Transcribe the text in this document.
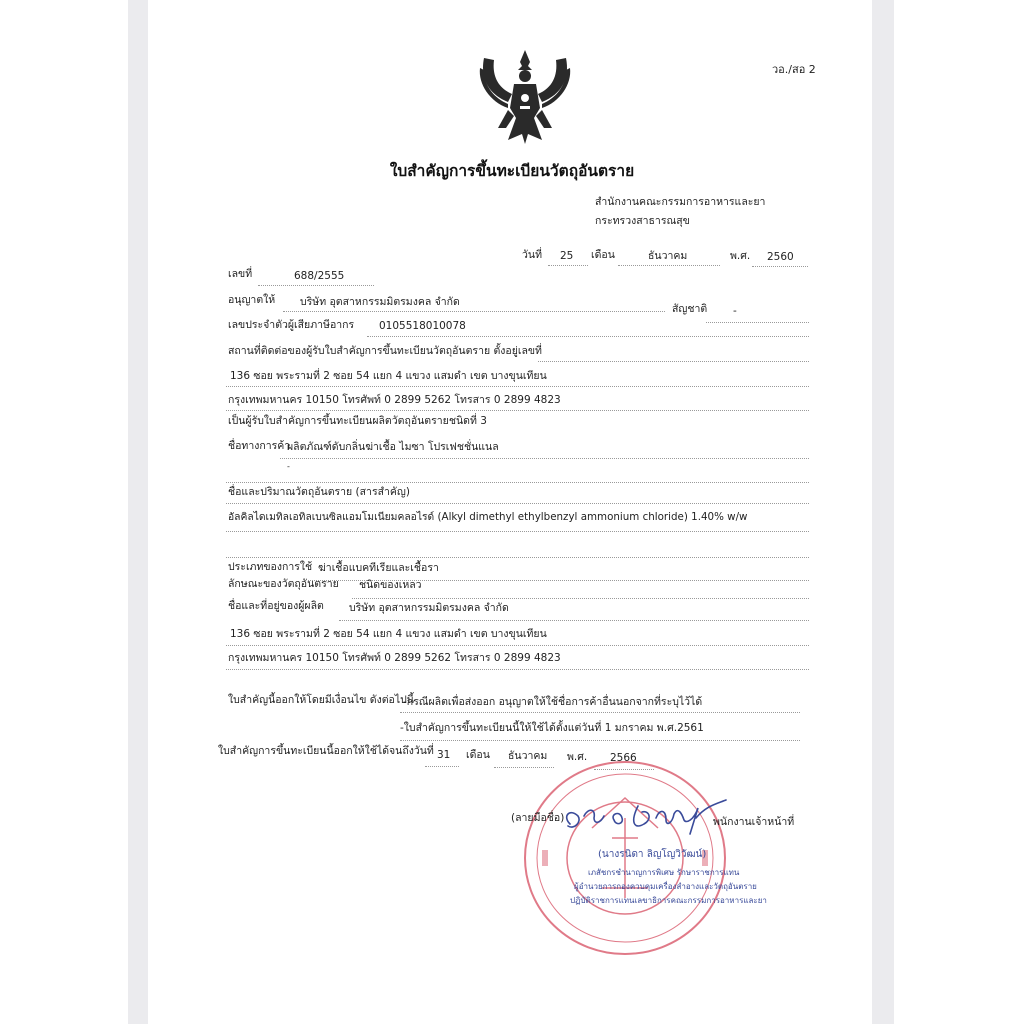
วอ./สอ 2
ใบสำคัญการขึ้นทะเบียนวัตถุอันตราย
สำนักงานคณะกรรมการอาหารและยา
กระทรวงสาธารณสุข
วันที่ 25 เดือน	ธันวาคม	พ.ศ. 2560
เลขที่	688/2555
อนุญาตให้ บริษัท อุตสาหกรรมมิตรมงคล จำกัด
สัญชาติ -
เลขประจำตัวผู้เสียภาษีอากร 0105518010078
สถานที่ติดต่อของผู้รับใบสำคัญการขึ้นทะเบียนวัตถุอันตราย ตั้งอยู่เลขที่
136 ซอย พระรามที่ 2 ซอย 54 แยก 4 แขวง แสมดำ เขต บางขุนเทียน
กรุงเทพมหานคร 10150 โทรศัพท์ 0 2899 5262 โทรสาร 0 2899 4823
เป็นผู้รับใบสำคัญการขึ้นทะเบียนผลิตวัตถุอันตรายชนิดที่ 3
ชื่อทางการค้า
ผลิตภัณฑ์ดับกลิ่นฆ่าเชื้อ ไมซา โปรเฟชชั่นแนล
-
ชื่อและปริมาณวัตถุอันตราย (สารสำคัญ)
อัลคิลไดเมทิลเอทิลเบนซิลแอมโมเนียมคลอไรด์ (Alkyl dimethyl ethylbenzyl ammonium chloride) 1.40% w/w
ประเภทของการใช้ ฆ่าเชื้อแบคทีเรียและเชื้อรา
ลักษณะของวัตถุอันตราย ชนิดของเหลว
ชื่อและที่อยู่ของผู้ผลิต บริษัท อุตสาหกรรมมิตรมงคล จำกัด
136 ซอย พระรามที่ 2 ซอย 54 แยก 4 แขวง แสมดำ เขต บางขุนเทียน
กรุงเทพมหานคร 10150 โทรศัพท์ 0 2899 5262 โทรสาร 0 2899 4823
ใบสำคัญนี้ออกให้โดยมีเงื่อนไข ดังต่อไปนี้
-กรณีผลิตเพื่อส่งออก อนุญาตให้ใช้ชื่อการค้าอื่นนอกจากที่ระบุไว้ได้
-ใบสำคัญการขึ้นทะเบียนนี้ให้ใช้ได้ตั้งแต่วันที่ 1 มกราคม พ.ศ.2561
ใบสำคัญการขึ้นทะเบียนนี้ออกให้ใช้ได้จนถึงวันที่ 31 เดือน ธันวาคม พ.ศ. 2566
(ลายมือชื่อ)	พนักงานเจ้าหน้าที่
(นางรนิดา ลิญโญวิวัฒน์)
เภสัชกรชำนาญการพิเศษ รักษาราชการแทน
ผู้อำนวยการกองควบคุมเครื่องสำอางและวัตถุอันตราย
ปฏิบัติราชการแทนเลขาธิการคณะกรรมการอาหารและยา
